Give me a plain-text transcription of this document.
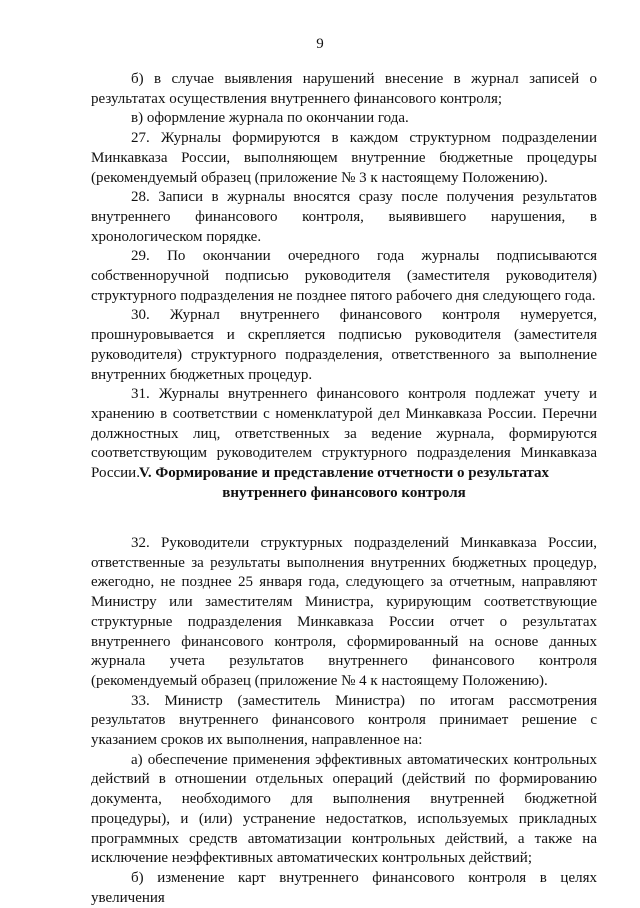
9

б) в случае выявления нарушений внесение в журнал записей о результатах осуществления внутреннего финансового контроля;

в) оформление журнала по окончании года.

27. Журналы формируются в каждом структурном подразделении Минкавказа России, выполняющем внутренние бюджетные процедуры (рекомендуемый образец (приложение № 3 к настоящему Положению).

28. Записи в журналы вносятся сразу после получения результатов внутреннего финансового контроля, выявившего нарушения, в хронологическом порядке.

29. По окончании очередного года журналы подписываются собственноручной подписью руководителя (заместителя руководителя) структурного подразделения не позднее пятого рабочего дня следующего года.

30. Журнал внутреннего финансового контроля нумеруется, прошнуровывается и скрепляется подписью руководителя (заместителя руководителя) структурного подразделения, ответственного за выполнение внутренних бюджетных процедур.

31. Журналы внутреннего финансового контроля подлежат учету и хранению в соответствии с номенклатурой дел Минкавказа России. Перечни должностных лиц, ответственных за ведение журнала, формируются соответствующим руководителем структурного подразделения Минкавказа России.

V. Формирование и представление отчетности о результатах
внутреннего финансового контроля

32. Руководители структурных подразделений Минкавказа России, ответственные за результаты выполнения внутренних бюджетных процедур, ежегодно, не позднее 25 января года, следующего за отчетным, направляют Министру или заместителям Министра, курирующим соответствующие структурные подразделения Минкавказа России отчет о результатах внутреннего финансового контроля, сформированный на основе данных журнала учета результатов внутреннего финансового контроля (рекомендуемый образец (приложение № 4 к настоящему Положению).

33. Министр (заместитель Министра) по итогам рассмотрения результатов внутреннего финансового контроля принимает решение с указанием сроков их выполнения, направленное на:

а) обеспечение применения эффективных автоматических контрольных действий в отношении отдельных операций (действий по формированию документа, необходимого для выполнения внутренней бюджетной процедуры), и (или) устранение недостатков, используемых прикладных программных средств автоматизации контрольных действий, а также на исключение неэффективных автоматических контрольных действий;

б) изменение карт внутреннего финансового контроля в целях увеличения
